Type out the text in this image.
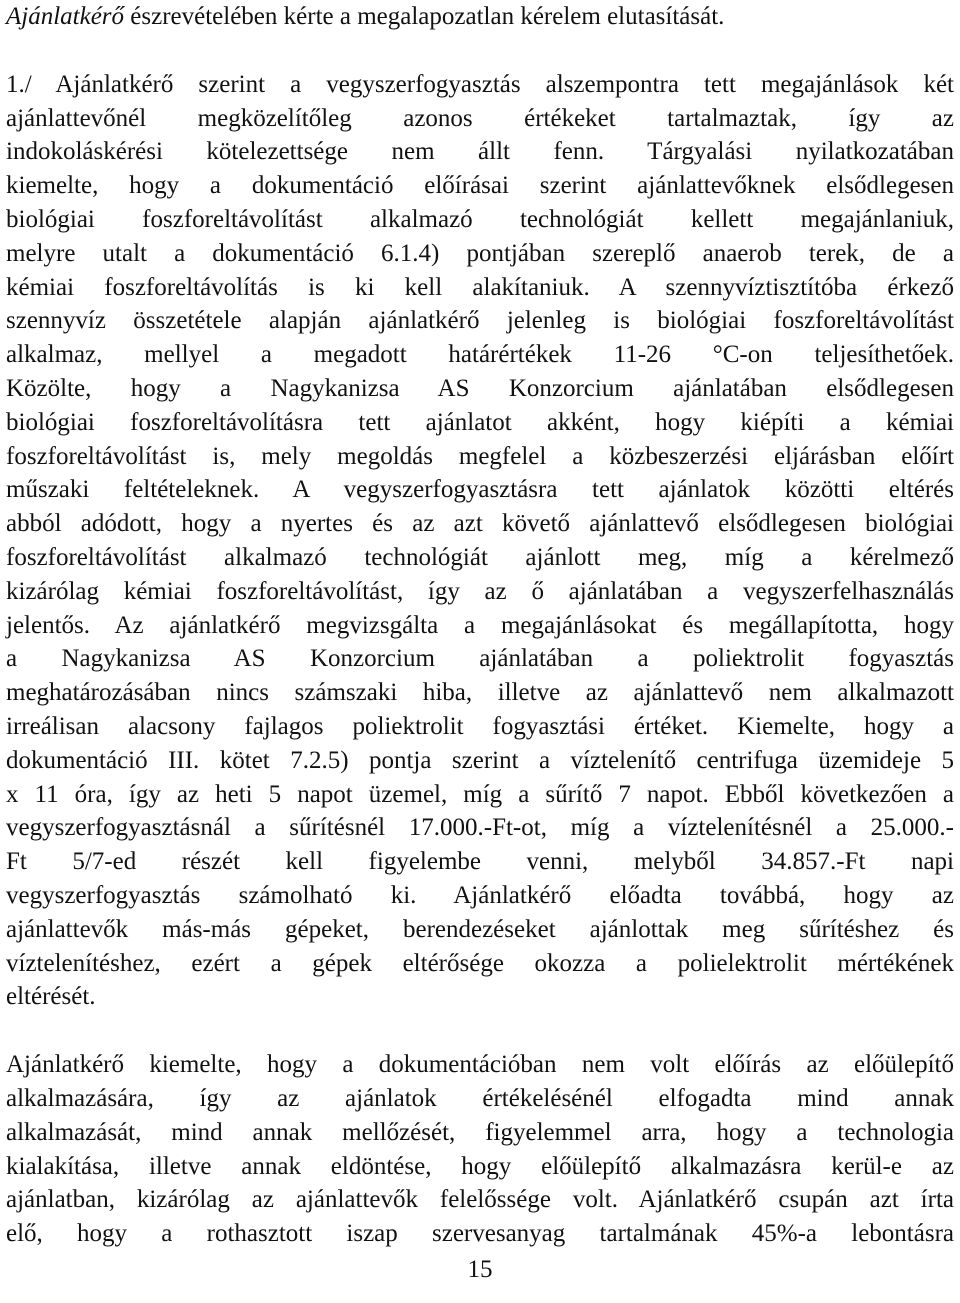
Ajánlatkérő észrevételében kérte a megalapozatlan kérelem elutasítását.
1./ Ajánlatkérő szerint a vegyszerfogyasztás alszempontra tett megajánlások két
ajánlattevőnél megközelítőleg azonos értékeket tartalmaztak, így az
indokoláskérési kötelezettsége nem állt fenn. Tárgyalási nyilatkozatában
kiemelte, hogy a dokumentáció előírásai szerint ajánlattevőknek elsődlegesen
biológiai foszforeltávolítást alkalmazó technológiát kellett megajánlaniuk,
melyre utalt a dokumentáció 6.1.4) pontjában szereplő anaerob terek, de a
kémiai foszforeltávolítás is ki kell alakítaniuk. A szennyvíztisztítóba érkező
szennyvíz összetétele alapján ajánlatkérő jelenleg is biológiai foszforeltávolítást
alkalmaz, mellyel a megadott határértékek 11-26 °C-on teljesíthetőek.
Közölte, hogy a Nagykanizsa AS Konzorcium ajánlatában elsődlegesen
biológiai foszforeltávolításra tett ajánlatot akként, hogy kiépíti a kémiai
foszforeltávolítást is, mely megoldás megfelel a közbeszerzési eljárásban előírt
műszaki feltételeknek. A vegyszerfogyasztásra tett ajánlatok közötti eltérés
abból adódott, hogy a nyertes és az azt követő ajánlattevő elsődlegesen biológiai
foszforeltávolítást alkalmazó technológiát ajánlott meg, míg a kérelmező
kizárólag kémiai foszforeltávolítást, így az ő ajánlatában a vegyszerfelhasználás
jelentős. Az ajánlatkérő megvizsgálta a megajánlásokat és megállapította, hogy
a Nagykanizsa AS Konzorcium ajánlatában a poliektrolit fogyasztás
meghatározásában nincs számszaki hiba, illetve az ajánlattevő nem alkalmazott
irreálisan alacsony fajlagos poliektrolit fogyasztási értéket. Kiemelte, hogy a
dokumentáció III. kötet 7.2.5) pontja szerint a víztelenítő centrifuga üzemideje 5
x 11 óra, így az heti 5 napot üzemel, míg a sűrítő 7 napot. Ebből következően a
vegyszerfogyasztásnál a sűrítésnél 17.000.-Ft-ot, míg a víztelenítésnél a 25.000.-
Ft 5/7-ed részét kell figyelembe venni, melyből 34.857.-Ft napi
vegyszerfogyasztás számolható ki. Ajánlatkérő előadta továbbá, hogy az
ajánlattevők más-más gépeket, berendezéseket ajánlottak meg sűrítéshez és
víztelenítéshez, ezért a gépek eltérősége okozza a polielektrolit mértékének
eltérését.
Ajánlatkérő kiemelte, hogy a dokumentációban nem volt előírás az előülepítő
alkalmazására, így az ajánlatok értékelésénél elfogadta mind annak
alkalmazását, mind annak mellőzését, figyelemmel arra, hogy a technologia
kialakítása, illetve annak eldöntése, hogy előülepítő alkalmazásra kerül-e az
ajánlatban, kizárólag az ajánlattevők felelőssége volt. Ajánlatkérő csupán azt írta
elő, hogy a rothasztott iszap szervesanyag tartalmának 45%-a lebontásra
15
